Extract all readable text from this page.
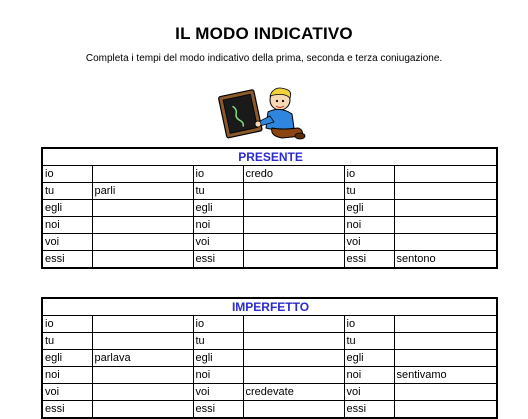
IL MODO INDICATIVO
Completa i tempi del modo indicativo della prima, seconda e terza coniugazione.
PRESENTE					
io		io	credo	io	
tu	parli	tu		tu	
egli		egli		egli	
noi		noi		noi	
voi		voi		voi	
essi		essi		essi	sentono
IMPERFETTO					
io		io		io	
tu		tu		tu	
egli	parlava	egli		egli	
noi		noi		noi	sentivamo
voi		voi	credevate	voi	
essi		essi		essi	
